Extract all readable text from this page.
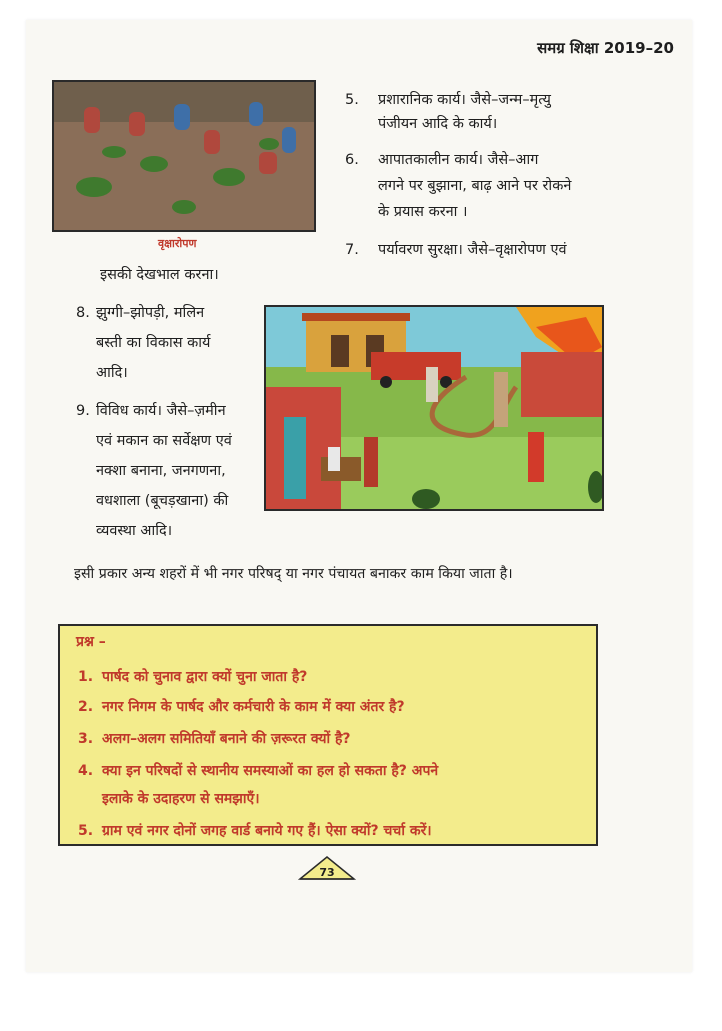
समग्र शिक्षा 2019–20
वृक्षारोपण
5. प्रशारानिक कार्य। जैसे–जन्म–मृत्यु
पंजीयन आदि के कार्य।
6. आपातकालीन कार्य। जैसे–आग
लगने पर बुझाना, बाढ़ आने पर रोकने
के प्रयास करना ।
7. पर्यावरण सुरक्षा। जैसे–वृक्षारोपण एवं
इसकी देखभाल करना।
8. झुग्गी–झोपड़ी, मलिन
बस्ती का विकास कार्य
आदि।
9. विविध कार्य। जैसे–ज़मीन
एवं मकान का सर्वेक्षण एवं
नक्शा बनाना, जनगणना,
वधशाला (बूचड़खाना) की
व्यवस्था आदि।
इसी प्रकार अन्य शहरों में भी नगर परिषद् या नगर पंचायत बनाकर काम किया जाता है।
प्रश्न –
1. पार्षद को चुनाव द्वारा क्यों चुना जाता है?
2. नगर निगम के पार्षद और कर्मचारी के काम में क्या अंतर है?
3. अलग–अलग समितियाँ बनाने की ज़रूरत क्यों है?
4. क्या इन परिषदों से स्थानीय समस्याओं का हल हो सकता है? अपने
इलाके के उदाहरण से समझाएँ।
5. ग्राम एवं नगर दोनों जगह वार्ड बनाये गए हैं। ऐसा क्यों? चर्चा करें।
73
